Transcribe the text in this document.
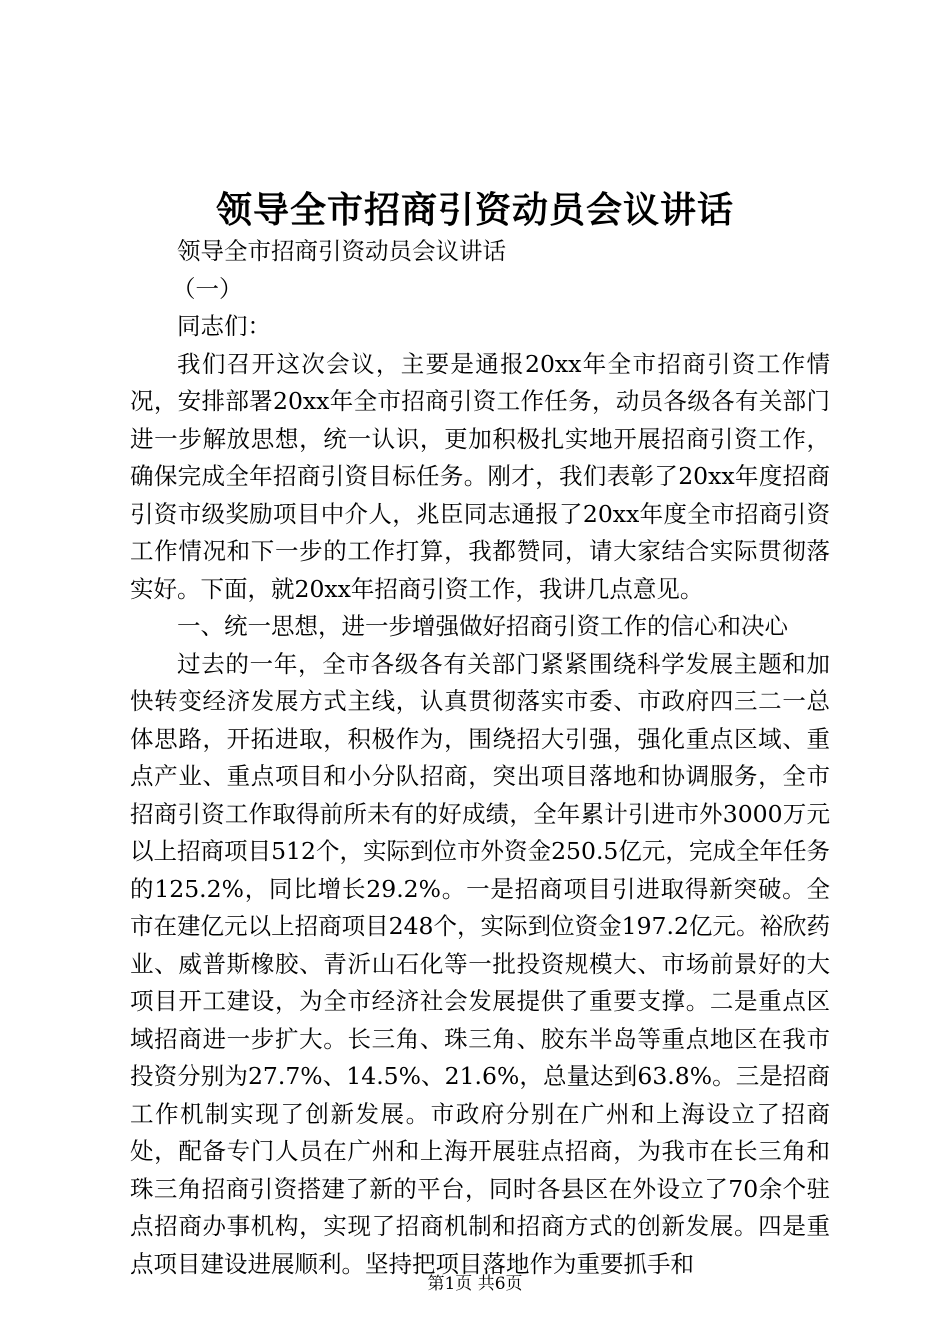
领导全市招商引资动员会议讲话

领导全市招商引资动员会议讲话

（一）

同志们：

我们召开这次会议，主要是通报20xx年全市招商引资工作情况，安排部署20xx年全市招商引资工作任务，动员各级各有关部门进一步解放思想，统一认识，更加积极扎实地开展招商引资工作，确保完成全年招商引资目标任务。刚才，我们表彰了20xx年度招商引资市级奖励项目中介人，兆臣同志通报了20xx年度全市招商引资工作情况和下一步的工作打算，我都赞同，请大家结合实际贯彻落实好。下面，就20xx年招商引资工作，我讲几点意见。

一、统一思想，进一步增强做好招商引资工作的信心和决心

过去的一年，全市各级各有关部门紧紧围绕科学发展主题和加快转变经济发展方式主线，认真贯彻落实市委、市政府四三二一总体思路，开拓进取，积极作为，围绕招大引强，强化重点区域、重点产业、重点项目和小分队招商，突出项目落地和协调服务，全市招商引资工作取得前所未有的好成绩，全年累计引进市外3000万元以上招商项目512个，实际到位市外资金250.5亿元，完成全年任务的125.2%，同比增长29.2%。一是招商项目引进取得新突破。全市在建亿元以上招商项目248个，实际到位资金197.2亿元。裕欣药业、威普斯橡胶、青沂山石化等一批投资规模大、市场前景好的大项目开工建设，为全市经济社会发展提供了重要支撑。二是重点区域招商进一步扩大。长三角、珠三角、胶东半岛等重点地区在我市投资分别为27.7%、14.5%、21.6%，总量达到63.8%。三是招商工作机制实现了创新发展。市政府分别在广州和上海设立了招商处，配备专门人员在广州和上海开展驻点招商，为我市在长三角和珠三角招商引资搭建了新的平台，同时各县区在外设立了70余个驻点招商办事机构，实现了招商机制和招商方式的创新发展。四是重点项目建设进展顺利。坚持把项目落地作为重要抓手和

第1页 共6页
